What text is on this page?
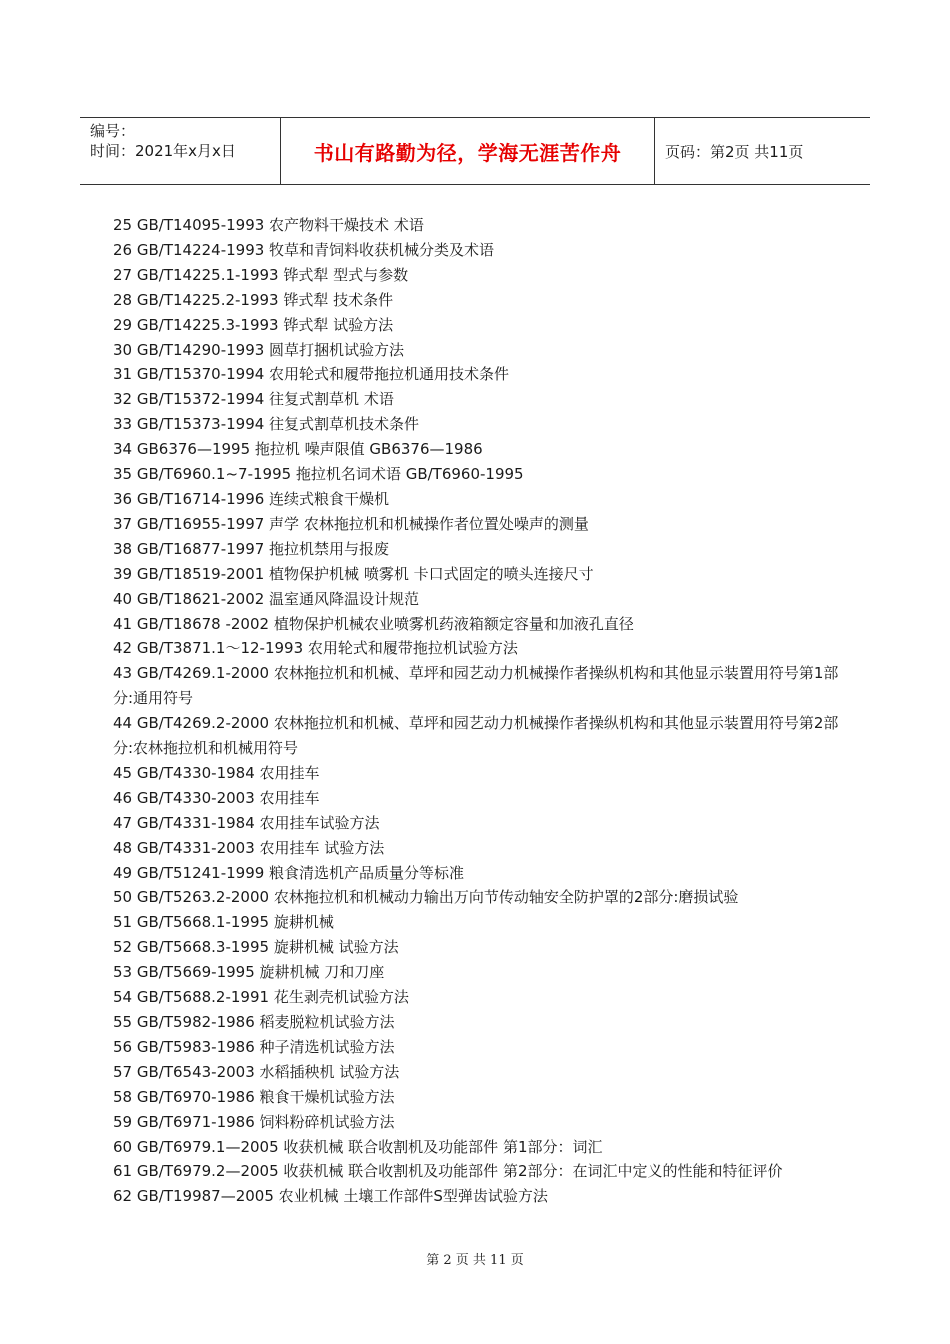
编号：
时间：2021年x月x日	书山有路勤为径，学海无涯苦作舟	页码：第2页 共11页
25 GB/T14095-1993 农产物料干燥技术 术语
26 GB/T14224-1993 牧草和青饲料收获机械分类及术语
27 GB/T14225.1-1993 铧式犁 型式与参数
28 GB/T14225.2-1993 铧式犁 技术条件
29 GB/T14225.3-1993 铧式犁 试验方法
30 GB/T14290-1993 圆草打捆机试验方法
31 GB/T15370-1994 农用轮式和履带拖拉机通用技术条件
32 GB/T15372-1994 往复式割草机 术语
33 GB/T15373-1994 往复式割草机技术条件
34 GB6376—1995 拖拉机 噪声限值 GB6376—1986
35 GB/T6960.1~7-1995 拖拉机名词术语 GB/T6960-1995
36 GB/T16714-1996 连续式粮食干燥机
37 GB/T16955-1997 声学 农林拖拉机和机械操作者位置处噪声的测量
38 GB/T16877-1997 拖拉机禁用与报废
39 GB/T18519-2001 植物保护机械 喷雾机 卡口式固定的喷头连接尺寸
40 GB/T18621-2002 温室通风降温设计规范
41 GB/T18678 -2002 植物保护机械农业喷雾机药液箱额定容量和加液孔直径
42 GB/T3871.1～12-1993 农用轮式和履带拖拉机试验方法
43 GB/T4269.1-2000 农林拖拉机和机械、草坪和园艺动力机械操作者操纵机构和其他显示装置用符号第1部分:通用符号
44 GB/T4269.2-2000 农林拖拉机和机械、草坪和园艺动力机械操作者操纵机构和其他显示装置用符号第2部分:农林拖拉机和机械用符号
45 GB/T4330-1984 农用挂车
46 GB/T4330-2003 农用挂车
47 GB/T4331-1984 农用挂车试验方法
48 GB/T4331-2003 农用挂车 试验方法
49 GB/T51241-1999 粮食清选机产品质量分等标准
50 GB/T5263.2-2000 农林拖拉机和机械动力输出万向节传动轴安全防护罩的2部分:磨损试验
51 GB/T5668.1-1995 旋耕机械
52 GB/T5668.3-1995 旋耕机械 试验方法
53 GB/T5669-1995 旋耕机械 刀和刀座
54 GB/T5688.2-1991 花生剥壳机试验方法
55 GB/T5982-1986 稻麦脱粒机试验方法
56 GB/T5983-1986 种子清选机试验方法
57 GB/T6543-2003 水稻插秧机 试验方法
58 GB/T6970-1986 粮食干燥机试验方法
59 GB/T6971-1986 饲料粉碎机试验方法
60 GB/T6979.1—2005 收获机械 联合收割机及功能部件 第1部分：词汇
61 GB/T6979.2—2005 收获机械 联合收割机及功能部件 第2部分：在词汇中定义的性能和特征评价
62 GB/T19987—2005 农业机械 土壤工作部件S型弹齿试验方法
第 2 页 共 11 页
